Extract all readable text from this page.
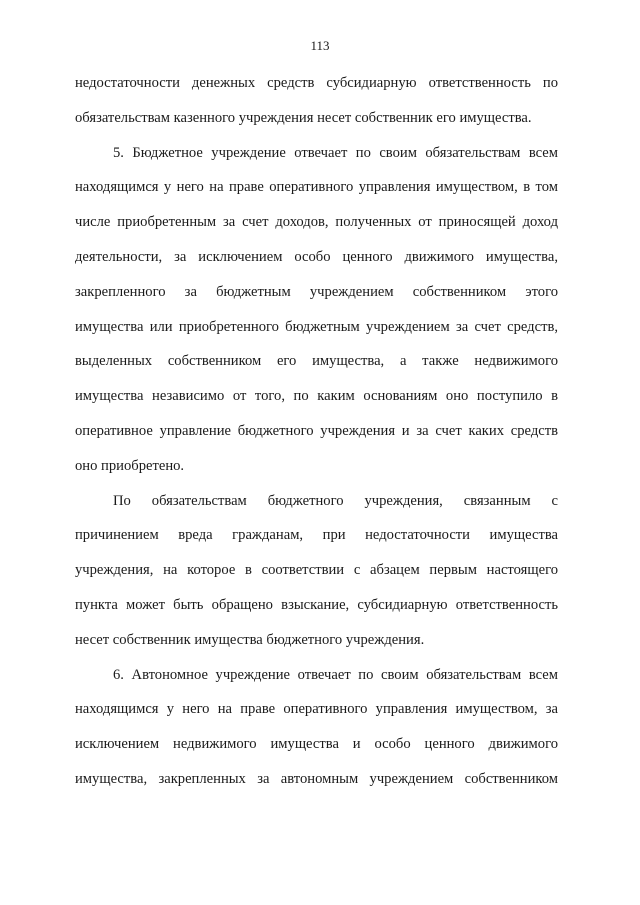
113
недостаточности денежных средств субсидиарную ответственность по
обязательствам казенного учреждения несет собственник его имущества.
5. Бюджетное учреждение отвечает по своим обязательствам всем
находящимся у него на праве оперативного управления имуществом, в том
числе приобретенным за счет доходов, полученных от приносящей доход
деятельности, за исключением особо ценного движимого имущества,
закрепленного за бюджетным учреждением собственником этого
имущества или приобретенного бюджетным учреждением за счет средств,
выделенных собственником его имущества, а также недвижимого
имущества независимо от того, по каким основаниям оно поступило в
оперативное управление бюджетного учреждения и за счет каких средств
оно приобретено.
По обязательствам бюджетного учреждения, связанным с
причинением вреда гражданам, при недостаточности имущества
учреждения, на которое в соответствии с абзацем первым настоящего
пункта может быть обращено взыскание, субсидиарную ответственность
несет собственник имущества бюджетного учреждения.
6. Автономное учреждение отвечает по своим обязательствам всем
находящимся у него на праве оперативного управления имуществом, за
исключением недвижимого имущества и особо ценного движимого
имущества, закрепленных за автономным учреждением собственником
